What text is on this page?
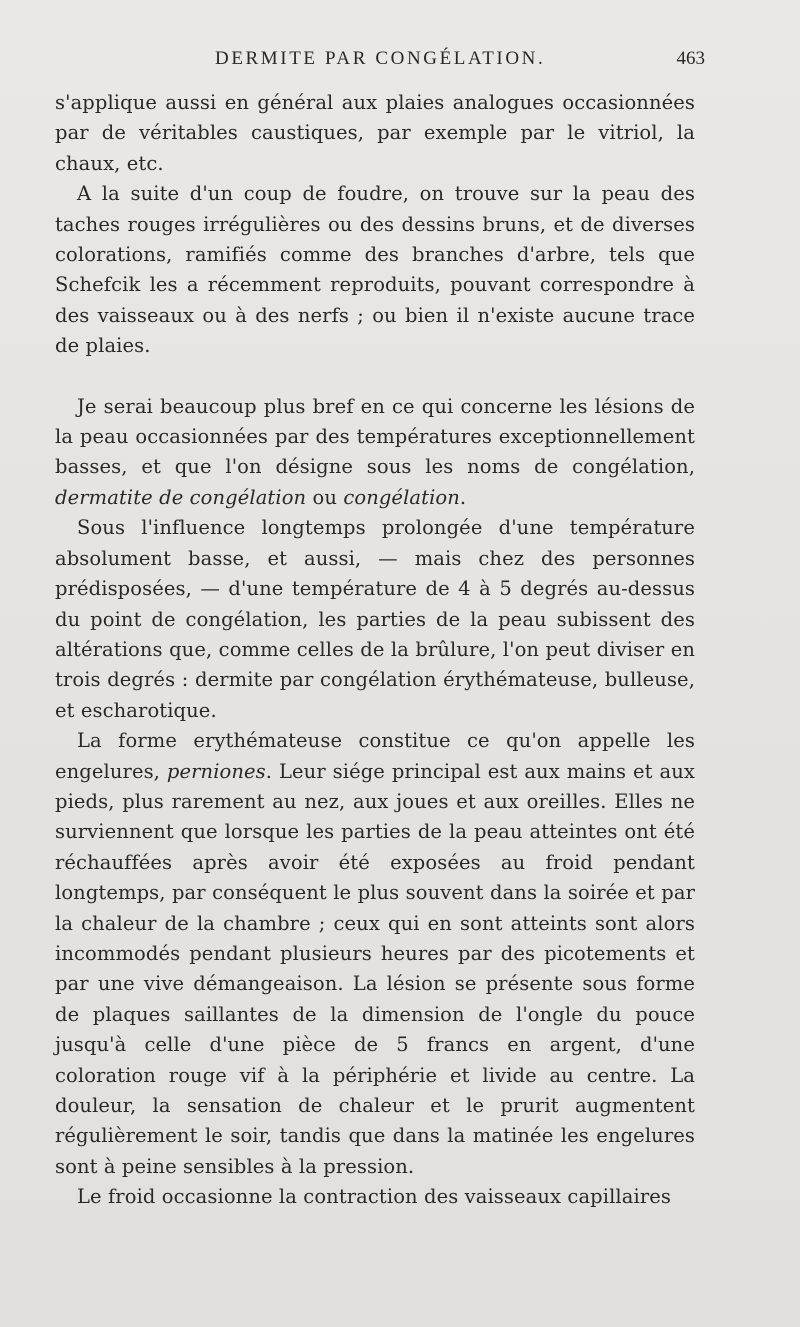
DERMITE PAR CONGÉLATION.	463

s'applique aussi en général aux plaies analogues occasionnées par de véritables caustiques, par exemple par le vitriol, la chaux, etc.

A la suite d'un coup de foudre, on trouve sur la peau des taches rouges irrégulières ou des dessins bruns, et de diverses colorations, ramifiés comme des branches d'arbre, tels que Schefcik les a récemment reproduits, pouvant correspondre à des vaisseaux ou à des nerfs ; ou bien il n'existe aucune trace de plaies.

Je serai beaucoup plus bref en ce qui concerne les lésions de la peau occasionnées par des températures exceptionnellement basses, et que l'on désigne sous les noms de congélation, dermatite de congélation ou congélation.

Sous l'influence longtemps prolongée d'une température absolument basse, et aussi, — mais chez des personnes prédisposées, — d'une température de 4 à 5 degrés au-dessus du point de congélation, les parties de la peau subissent des altérations que, comme celles de la brûlure, l'on peut diviser en trois degrés : dermite par congélation érythémateuse, bulleuse, et escharotique.

La forme erythémateuse constitue ce qu'on appelle les engelures, perniones. Leur siége principal est aux mains et aux pieds, plus rarement au nez, aux joues et aux oreilles. Elles ne surviennent que lorsque les parties de la peau atteintes ont été réchauffées après avoir été exposées au froid pendant longtemps, par conséquent le plus souvent dans la soirée et par la chaleur de la chambre ; ceux qui en sont atteints sont alors incommodés pendant plusieurs heures par des picotements et par une vive démangeaison. La lésion se présente sous forme de plaques saillantes de la dimension de l'ongle du pouce jusqu'à celle d'une pièce de 5 francs en argent, d'une coloration rouge vif à la périphérie et livide au centre. La douleur, la sensation de chaleur et le prurit augmentent régulièrement le soir, tandis que dans la matinée les engelures sont à peine sensibles à la pression.

Le froid occasionne la contraction des vaisseaux capillaires
